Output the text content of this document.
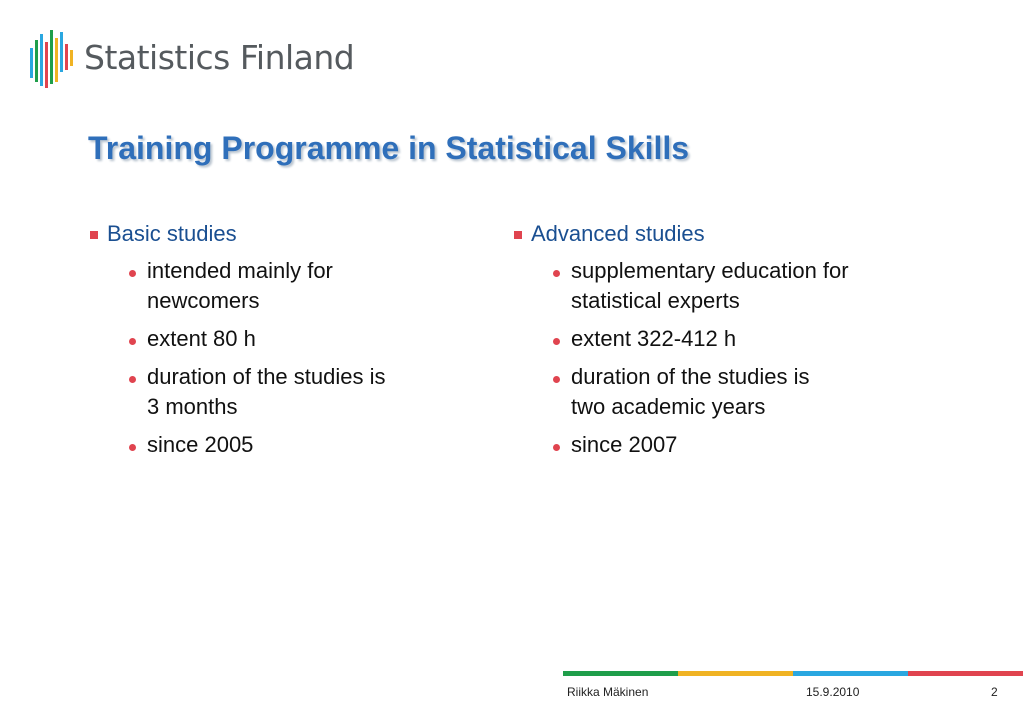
Statistics Finland
Training Programme in Statistical Skills
Basic studies
intended mainly for
newcomers
extent 80 h
duration of the studies is
3 months
since 2005
Advanced studies
supplementary education for
statistical experts
extent 322-412 h
duration of the studies is
two academic years
since 2007
Riikka Mäkinen	15.9.2010	2
